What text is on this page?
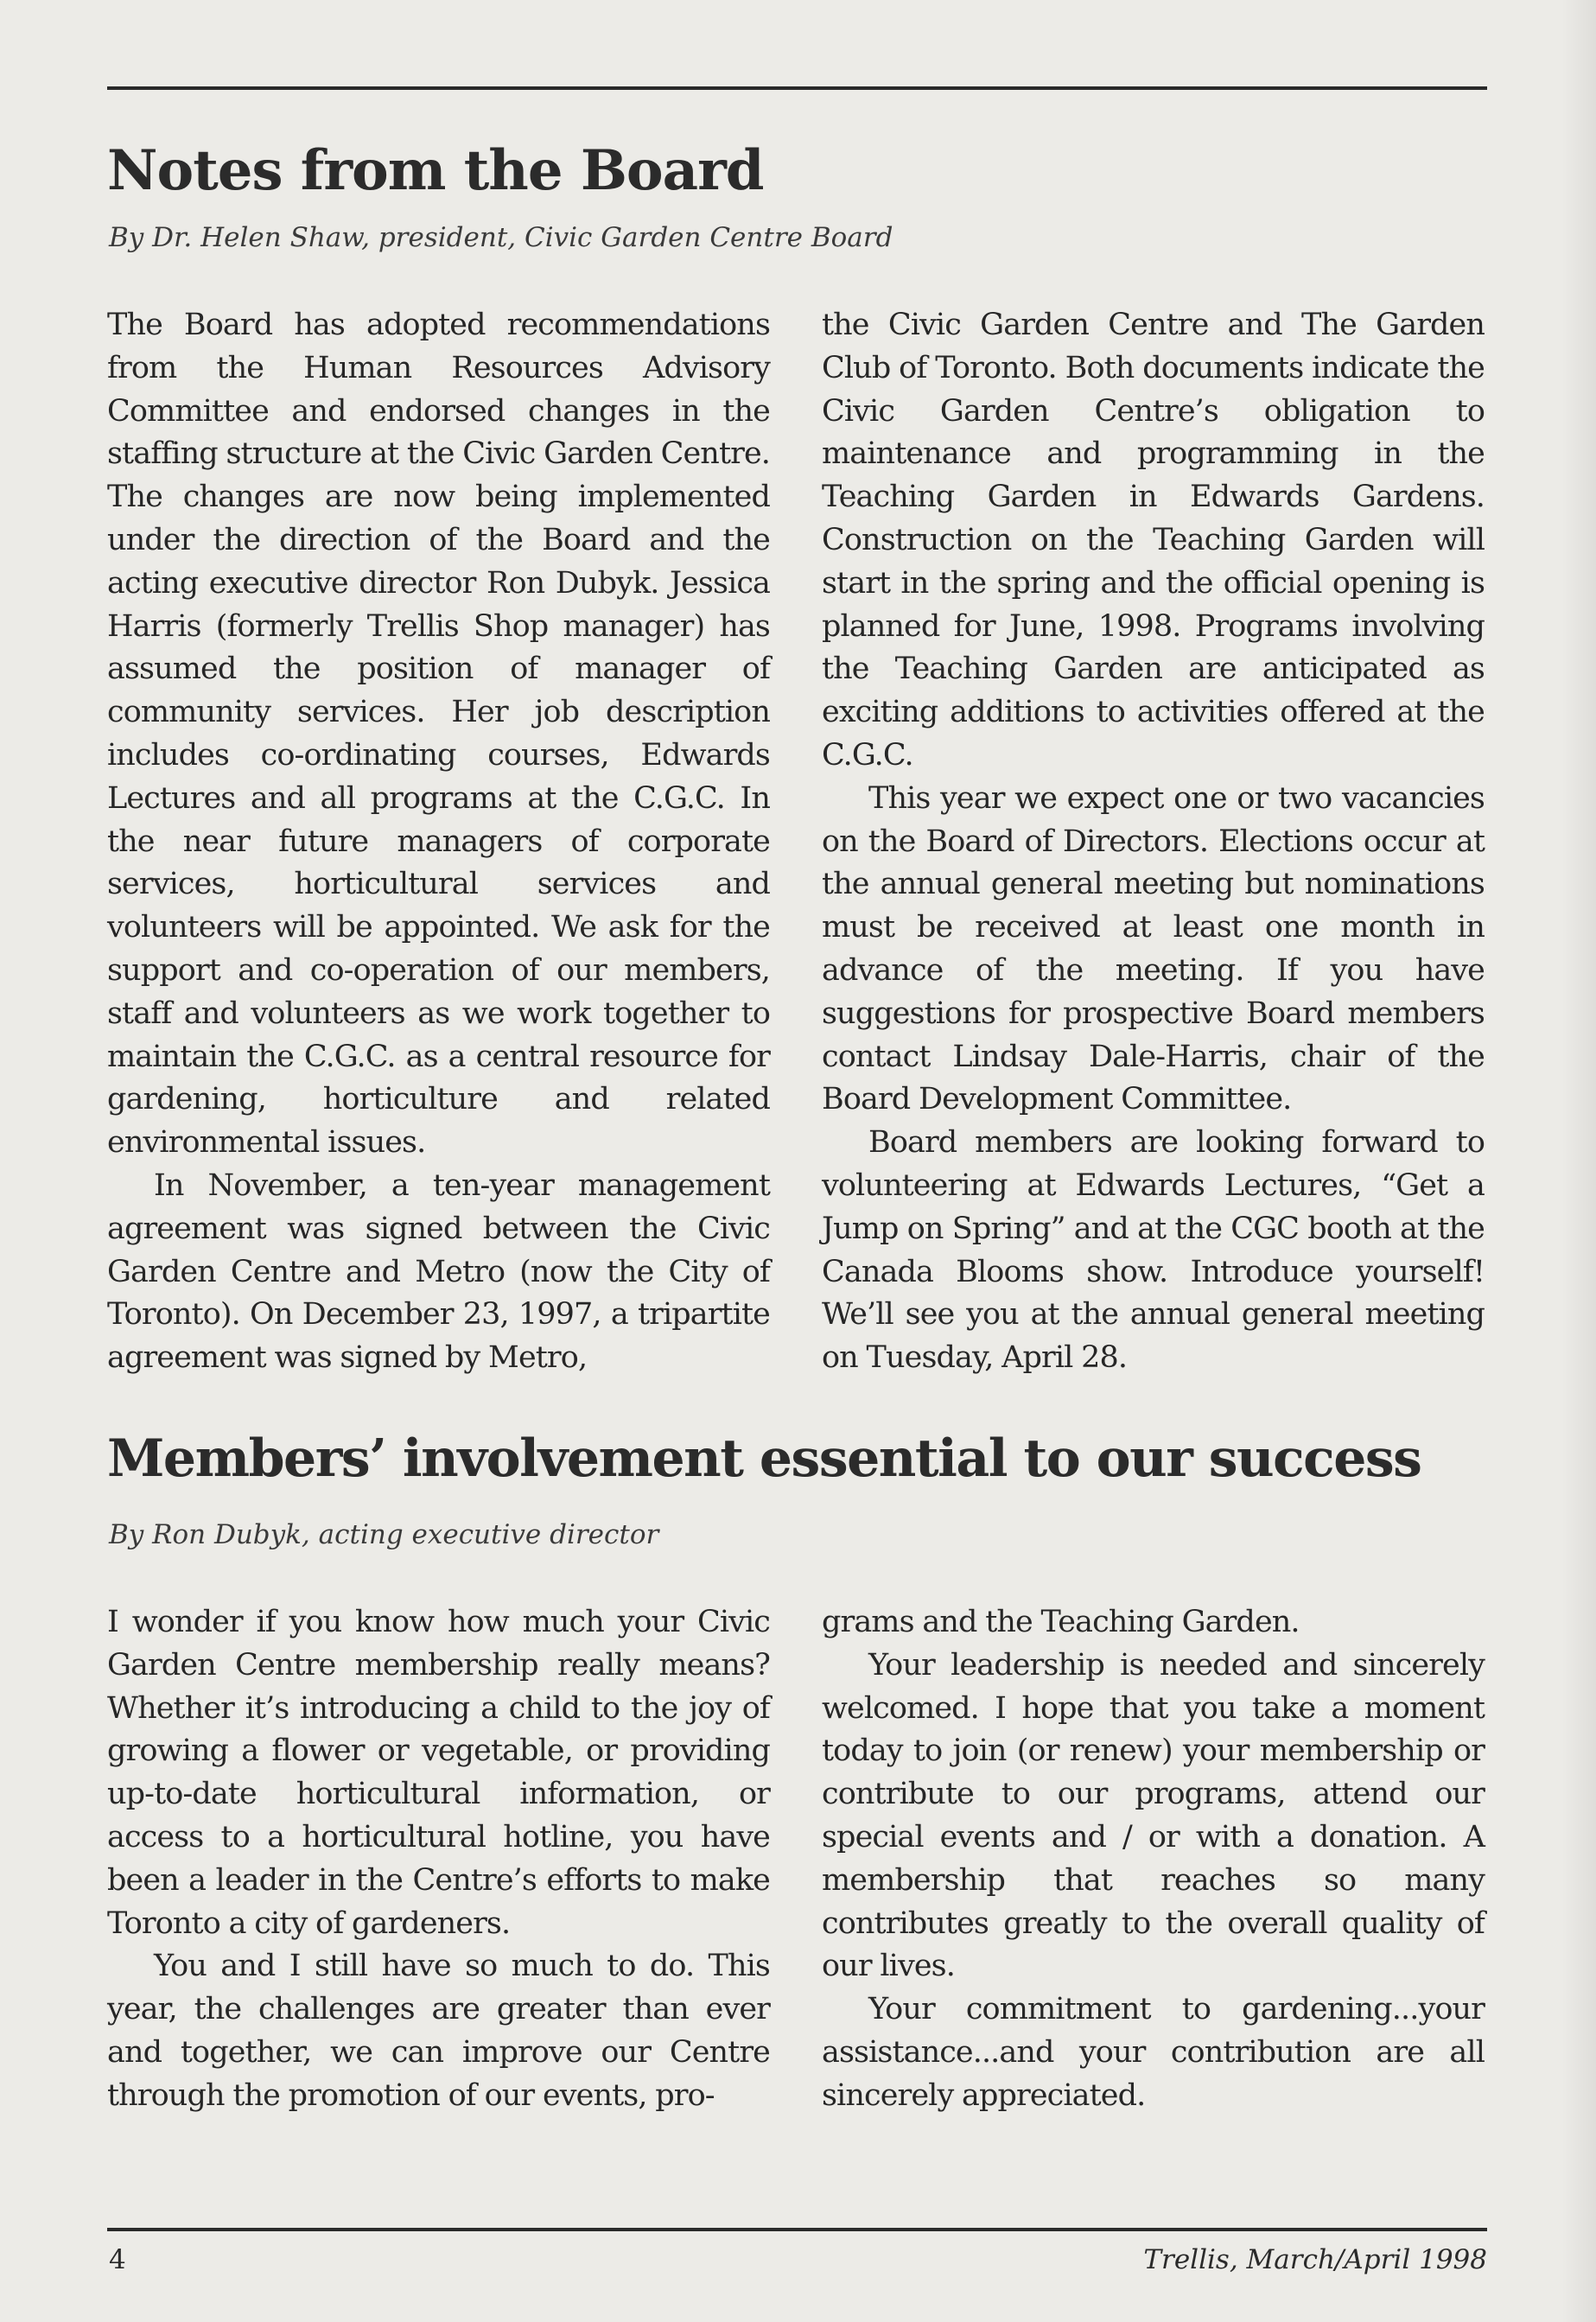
Notes from the Board

By Dr. Helen Shaw, president, Civic Garden Centre Board

The Board has adopted recommendations from the Human Resources Advisory Committee and endorsed changes in the staffing structure at the Civic Garden Centre. The changes are now being implemented under the direction of the Board and the acting executive director Ron Dubyk. Jessica Harris (formerly Trellis Shop manager) has assumed the position of manager of community services. Her job description includes co-ordinating courses, Edwards Lectures and all programs at the C.G.C. In the near future managers of corporate services, horticultural services and volunteers will be appointed. We ask for the support and co-operation of our members, staff and volunteers as we work together to maintain the C.G.C. as a central resource for gardening, horticulture and related environmental issues.

In November, a ten-year management agreement was signed between the Civic Garden Centre and Metro (now the City of Toronto). On December 23, 1997, a tripartite agreement was signed by Metro,

the Civic Garden Centre and The Garden Club of Toronto. Both documents indicate the Civic Garden Centre’s obligation to maintenance and programming in the Teaching Garden in Edwards Gardens. Construction on the Teaching Garden will start in the spring and the official opening is planned for June, 1998. Programs involving the Teaching Garden are anticipated as exciting additions to activities offered at the C.G.C.

This year we expect one or two vacancies on the Board of Directors. Elections occur at the annual general meeting but nominations must be received at least one month in advance of the meeting. If you have suggestions for prospective Board members contact Lindsay Dale-Harris, chair of the Board Development Committee.

Board members are looking forward to volunteering at Edwards Lectures, “Get a Jump on Spring” and at the CGC booth at the Canada Blooms show. Introduce yourself! We’ll see you at the annual general meeting on Tuesday, April 28.

Members’ involvement essential to our success

By Ron Dubyk, acting executive director

I wonder if you know how much your Civic Garden Centre membership really means? Whether it’s introducing a child to the joy of growing a flower or vegetable, or providing up-to-date horticultural information, or access to a horticultural hotline, you have been a leader in the Centre’s efforts to make Toronto a city of gardeners.

You and I still have so much to do. This year, the challenges are greater than ever and together, we can improve our Centre through the promotion of our events, pro-

grams and the Teaching Garden.

Your leadership is needed and sincerely welcomed. I hope that you take a moment today to join (or renew) your membership or contribute to our programs, attend our special events and / or with a donation. A membership that reaches so many contributes greatly to the overall quality of our lives.

Your commitment to gardening...your assistance...and your contribution are all sincerely appreciated.

4	Trellis, March/April 1998
